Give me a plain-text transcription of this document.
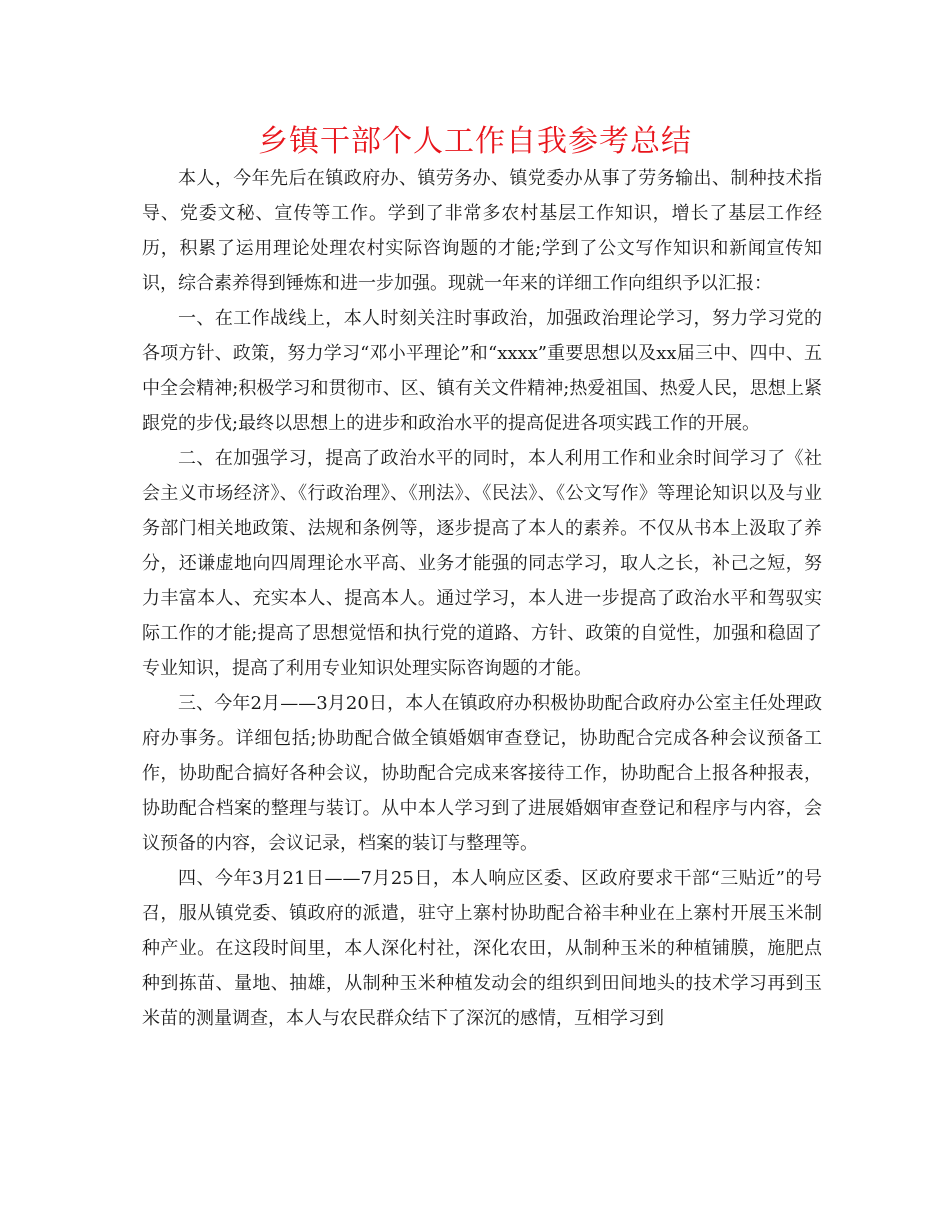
乡镇干部个人工作自我参考总结

本人，今年先后在镇政府办、镇劳务办、镇党委办从事了劳务输出、制种技术指导、党委文秘、宣传等工作。学到了非常多农村基层工作知识，增长了基层工作经历，积累了运用理论处理农村实际咨询题的才能;学到了公文写作知识和新闻宣传知识，综合素养得到锤炼和进一步加强。现就一年来的详细工作向组织予以汇报：

一、在工作战线上，本人时刻关注时事政治，加强政治理论学习，努力学习党的各项方针、政策，努力学习“邓小平理论”和“xxxx”重要思想以及xx届三中、四中、五中全会精神;积极学习和贯彻市、区、镇有关文件精神;热爱祖国、热爱人民，思想上紧跟党的步伐;最终以思想上的进步和政治水平的提高促进各项实践工作的开展。

二、在加强学习，提高了政治水平的同时，本人利用工作和业余时间学习了《社会主义市场经济》、《行政治理》、《刑法》、《民法》、《公文写作》等理论知识以及与业务部门相关地政策、法规和条例等，逐步提高了本人的素养。不仅从书本上汲取了养分，还谦虚地向四周理论水平高、业务才能强的同志学习，取人之长，补己之短，努力丰富本人、充实本人、提高本人。通过学习，本人进一步提高了政治水平和驾驭实际工作的才能;提高了思想觉悟和执行党的道路、方针、政策的自觉性，加强和稳固了专业知识，提高了利用专业知识处理实际咨询题的才能。

三、今年2月——3月20日，本人在镇政府办积极协助配合政府办公室主任处理政府办事务。详细包括;协助配合做全镇婚姻审查登记，协助配合完成各种会议预备工作，协助配合搞好各种会议，协助配合完成来客接待工作，协助配合上报各种报表，协助配合档案的整理与装订。从中本人学习到了进展婚姻审查登记和程序与内容，会议预备的内容，会议记录，档案的装订与整理等。

四、今年3月21日——7月25日，本人响应区委、区政府要求干部“三贴近”的号召，服从镇党委、镇政府的派遣，驻守上寨村协助配合裕丰种业在上寨村开展玉米制种产业。在这段时间里，本人深化村社，深化农田，从制种玉米的种植铺膜，施肥点种到拣苗、量地、抽雄，从制种玉米种植发动会的组织到田间地头的技术学习再到玉米苗的测量调查，本人与农民群众结下了深沉的感情，互相学习到
